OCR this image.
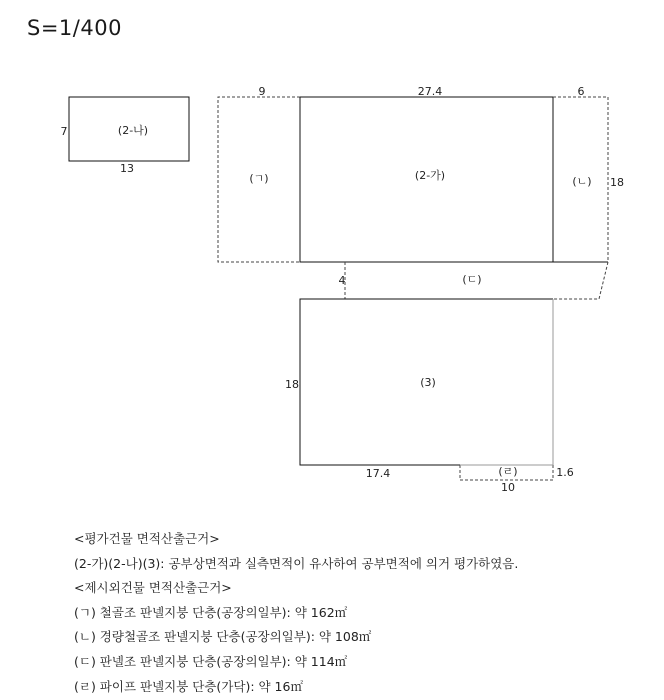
S=1/400
(2-나)
7
13
(ㄱ)
9
(2-가)
27.4
(ㄴ)
6
18
(ㄷ)
4
(3)
18
17.4	(ㄹ)
10
1.6
<평가건물 면적산출근거>
(2-가)(2-나)(3): 공부상면적과 실측면적이 유사하여 공부면적에 의거 평가하였음.
<제시외건물 면적산출근거>
(ㄱ) 철골조 판넬지붕 단층(공장의일부): 약 162㎡
(ㄴ) 경량철골조 판넬지붕 단층(공장의일부): 약 108㎡
(ㄷ) 판넬조 판넬지붕 단층(공장의일부): 약 114㎡
(ㄹ) 파이프 판넬지붕 단층(가닥): 약 16㎡
